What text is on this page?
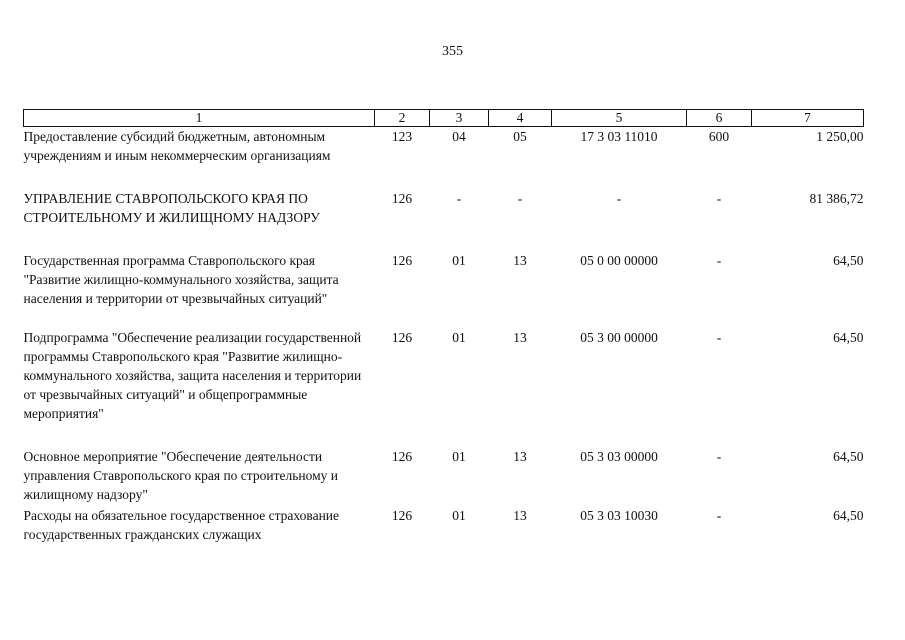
355
1	2	3	4	5	6	7
Предоставление субсидий бюджетным, автономным учреждениям и иным некоммерческим организациям	123	04	05	17 3 03 11010	600	1 250,00
УПРАВЛЕНИЕ СТАВРОПОЛЬСКОГО КРАЯ ПО СТРОИТЕЛЬНОМУ И ЖИЛИЩНОМУ НАДЗОРУ	126	-	-	-	-	81 386,72
Государственная программа Ставропольского края "Развитие жилищно-коммунального хозяйства, защита населения и территории от чрезвычайных ситуаций"	126	01	13	05 0 00 00000	-	64,50
Подпрограмма "Обеспечение реализации государственной программы Ставропольского края "Развитие жилищно-коммунального хозяйства, защита населения и территории от чрезвычайных ситуаций" и общепрограммные мероприятия"	126	01	13	05 3 00 00000	-	64,50
Основное мероприятие "Обеспечение деятельности управления Ставропольского края по строительному и жилищному надзору"	126	01	13	05 3 03 00000	-	64,50
Расходы на обязательное государственное страхование государственных гражданских служащих	126	01	13	05 3 03 10030	-	64,50
